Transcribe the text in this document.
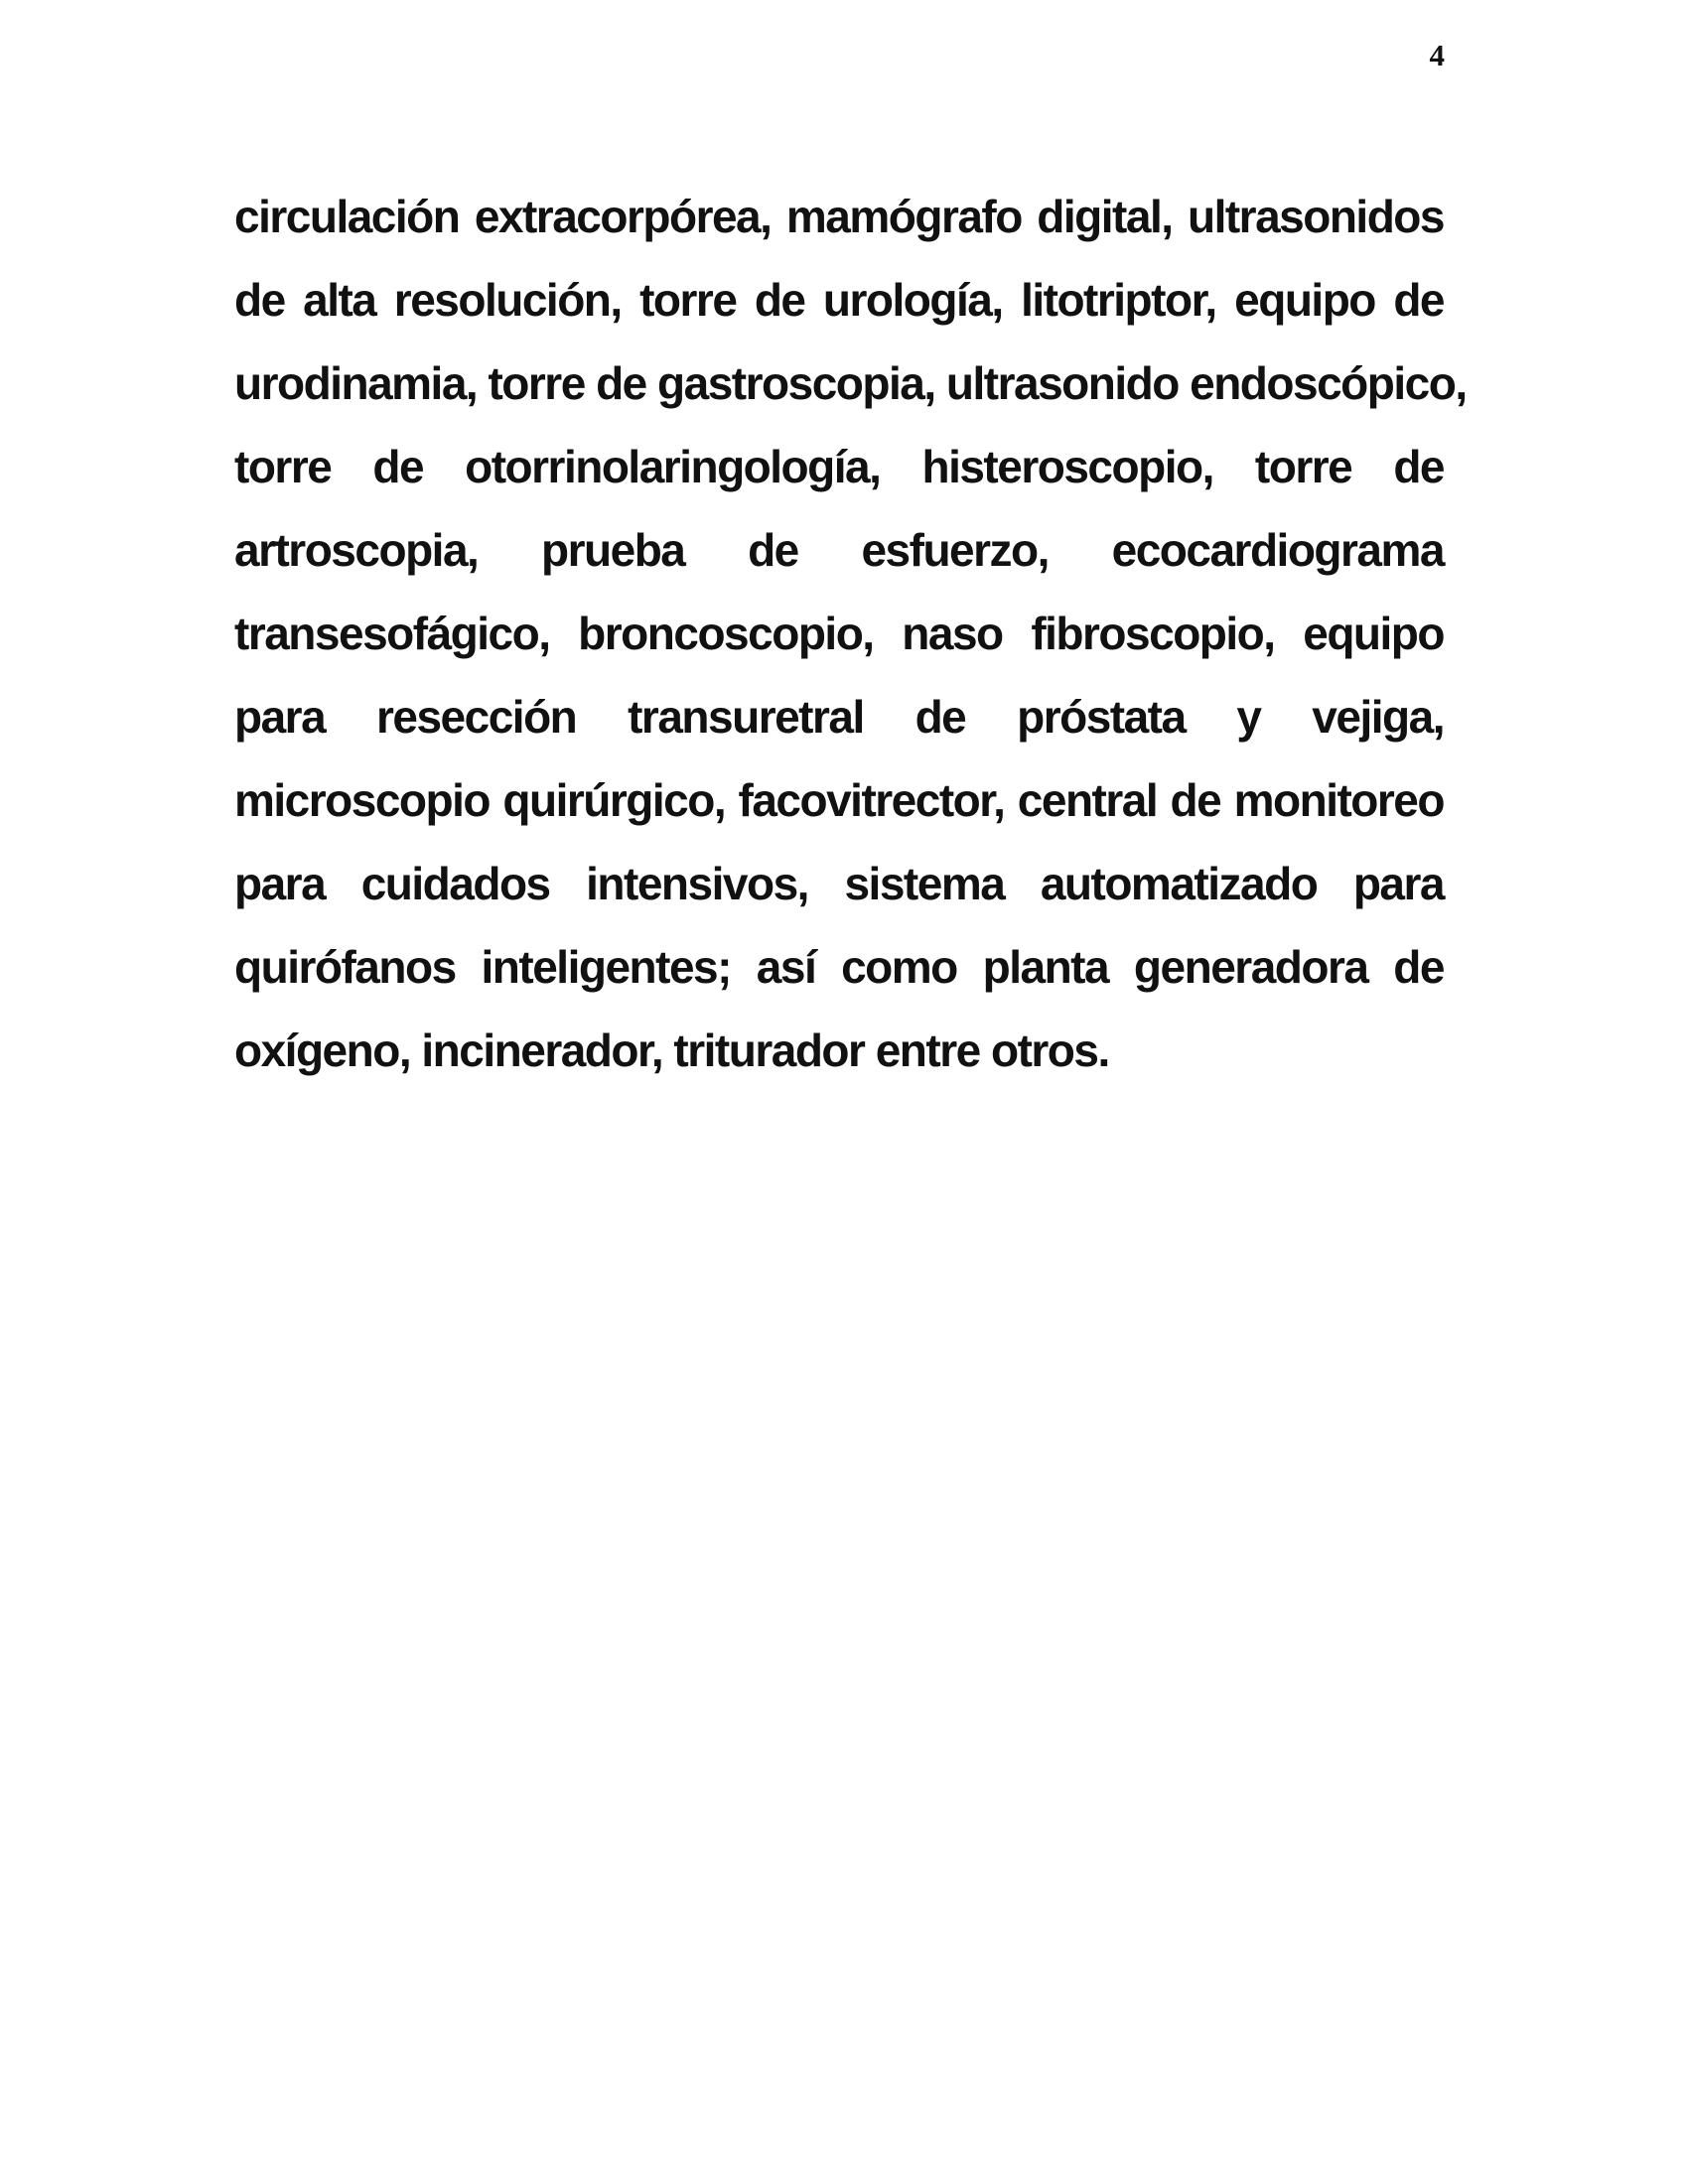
4

circulación extracorpórea, mamógrafo digital, ultrasonidos
de alta resolución, torre de urología, litotriptor, equipo de
urodinamia, torre de gastroscopia, ultrasonido endoscópico,
torre de otorrinolaringología, histeroscopio, torre de
artroscopia, prueba de esfuerzo, ecocardiograma
transesofágico, broncoscopio, naso fibroscopio, equipo
para resección transuretral de próstata y vejiga,
microscopio quirúrgico, facovitrector, central de monitoreo
para cuidados intensivos, sistema automatizado para
quirófanos inteligentes; así como planta generadora de
oxígeno, incinerador, triturador entre otros.
